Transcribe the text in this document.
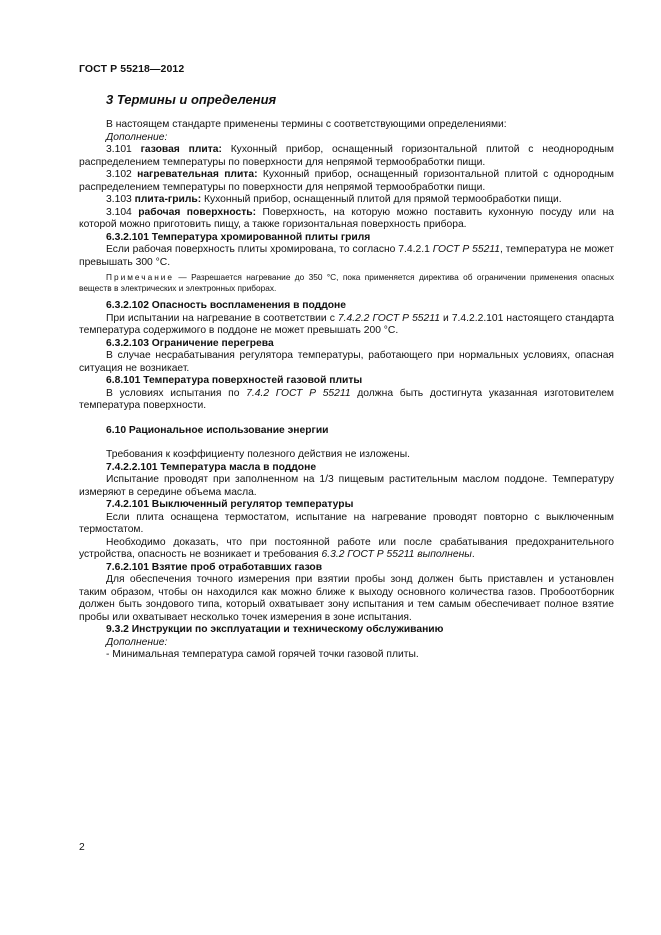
ГОСТ Р 55218—2012
3 Термины и определения

В настоящем стандарте применены термины с соответствующими определениями:

Дополнение:

3.101 газовая плита: Кухонный прибор, оснащенный горизонтальной плитой с неоднородным распределением температуры по поверхности для непрямой термообработки пищи.

3.102 нагревательная плита: Кухонный прибор, оснащенный горизонтальной плитой с однородным распределением температуры по поверхности для непрямой термообработки пищи.

3.103 плита-гриль: Кухонный прибор, оснащенный плитой для прямой термообработки пищи.

3.104 рабочая поверхность: Поверхность, на которую можно поставить кухонную посуду или на которой можно приготовить пищу, а также горизонтальная поверхность прибора.

6.3.2.101 Температура хромированной плиты гриля

Если рабочая поверхность плиты хромирована, то согласно 7.4.2.1 ГОСТ Р 55211, температура не может превышать 300 °С.

Примечание — Разрешается нагревание до 350 °С, пока применяется директива об ограничении применения опасных веществ в электрических и электронных приборах.

6.3.2.102 Опасность воспламенения в поддоне

При испытании на нагревание в соответствии с 7.4.2.2 ГОСТ Р 55211 и 7.4.2.2.101 настоящего стандарта температура содержимого в поддоне не может превышать 200 °С.

6.3.2.103 Ограничение перегрева

В случае несрабатывания регулятора температуры, работающего при нормальных условиях, опасная ситуация не возникает.

6.8.101 Температура поверхностей газовой плиты

В условиях испытания по 7.4.2 ГОСТ Р 55211 должна быть достигнута указанная изготовителем температура поверхности.

6.10 Рациональное использование энергии

Требования к коэффициенту полезного действия не изложены.

7.4.2.2.101 Температура масла в поддоне

Испытание проводят при заполненном на 1/3 пищевым растительным маслом поддоне. Температуру измеряют в середине объема масла.

7.4.2.101 Выключенный регулятор температуры

Если плита оснащена термостатом, испытание на нагревание проводят повторно с выключенным термостатом.

Необходимо доказать, что при постоянной работе или после срабатывания предохранительного устройства, опасность не возникает и требования 6.3.2 ГОСТ Р 55211 выполнены.

7.6.2.101 Взятие проб отработавших газов

Для обеспечения точного измерения при взятии пробы зонд должен быть приставлен и установлен таким образом, чтобы он находился как можно ближе к выходу основного количества газов. Пробоотборник должен быть зондового типа, который охватывает зону испытания и тем самым обеспечивает полное взятие пробы или охватывает несколько точек измерения в зоне испытания.

9.3.2 Инструкции по эксплуатации и техническому обслуживанию

Дополнение:

- Минимальная температура самой горячей точки газовой плиты.

2
